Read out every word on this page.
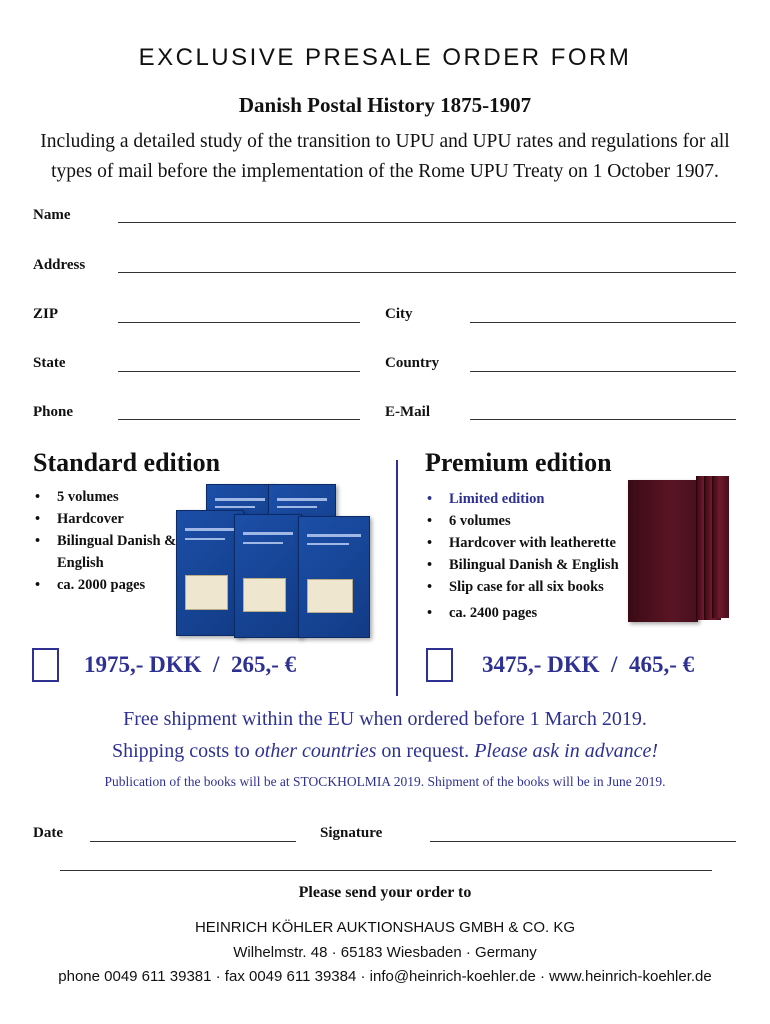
EXCLUSIVE PRESALE ORDER FORM
Danish Postal History 1875-1907
Including a detailed study of the transition to UPU and UPU rates and regulations for all types of mail before the implementation of the Rome UPU Treaty on 1 October 1907.
Name
Address
ZIP	City
State	Country
Phone	E-Mail
Standard edition
• 5 volumes
• Hardcover
• Bilingual Danish & English
• ca. 2000 pages
1975,- DKK  /  265,- €
Premium edition
• Limited edition
• 6 volumes
• Hardcover with leatherette
• Bilingual Danish & English
• Slip case for all six books
• ca. 2400 pages
3475,- DKK  /  465,- €
Free shipment within the EU when ordered before 1 March 2019.
Shipping costs to other countries on request. Please ask in advance!
Publication of the books will be at STOCKHOLMIA 2019. Shipment of the books will be in June 2019.
Date	Signature
Please send your order to
HEINRICH KÖHLER AUKTIONSHAUS GMBH & CO. KG
Wilhelmstr. 48 · 65183 Wiesbaden · Germany
phone 0049 611 39381 · fax 0049 611 39384 · info@heinrich-koehler.de · www.heinrich-koehler.de
